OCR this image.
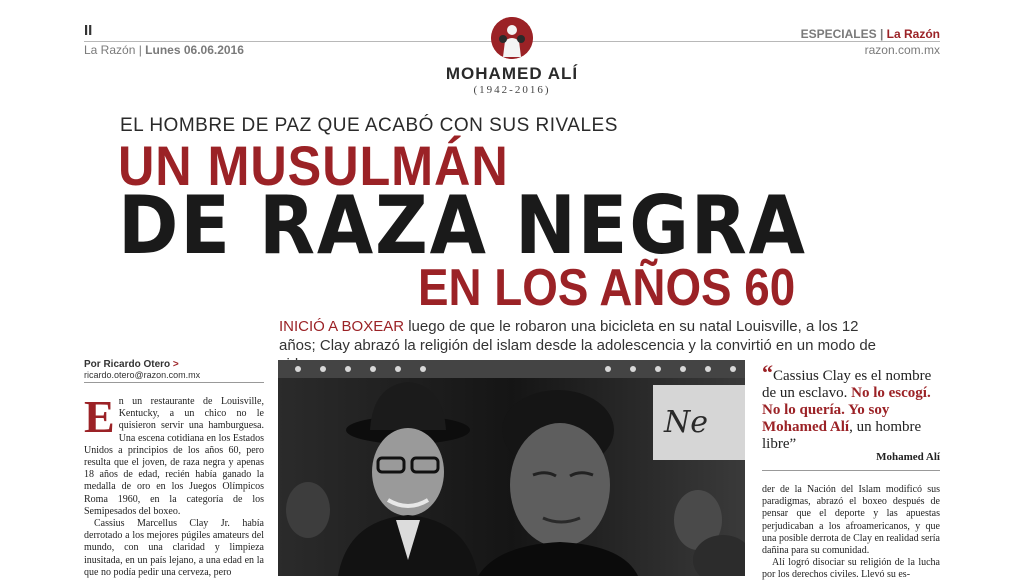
II
La Razón | Lunes 06.06.2016
ESPECIALES | La Razón
razon.com.mx
MOHAMED ALÍ
(1942-2016)
EL HOMBRE DE PAZ QUE ACABÓ CON SUS RIVALES
UN MUSULMÁN
DE RAZA NEGRA
EN LOS AÑOS 60
INICIÓ A BOXEAR luego de que le robaron una bicicleta en su natal Louisville, a los 12 años; Clay abrazó la religión del islam desde la adolescencia y la convirtió en un modo de
Por Ricardo Otero >
ricardo.otero@razon.com.mx
E n un restaurante de Louisville, Kentucky, a un chico no le quisieron servir una hamburguesa. Una escena cotidiana en los Estados Unidos a principios de los años 60, pero resulta que el joven, de raza negra y apenas 18 años de edad, recién había ganado la medalla de oro en los Juegos Olímpicos Roma 1960, en la categoría de los Semipesados del boxeo.

Cassius Marcellus Clay Jr. había derrotado a los mejores púgiles amateurs del mundo, con una claridad y limpieza inusitada, en un país lejano, a una edad en la que no podía pedir una cerveza, pero

Ne
“Cassius Clay es el nombre de un esclavo. No lo escogí. No lo quería. Yo soy Mohamed Alí, un hombre libre”
Mohamed Alí

der de la Nación del Islam modificó sus paradigmas, abrazó el boxeo después de pensar que el deporte y las apuestas perjudicaban a los afroamericanos, y que una posible derrota de Clay en realidad sería dañina para su comunidad.

Alí logró disociar su religión de la lucha por los derechos civiles. Llevó su es-
